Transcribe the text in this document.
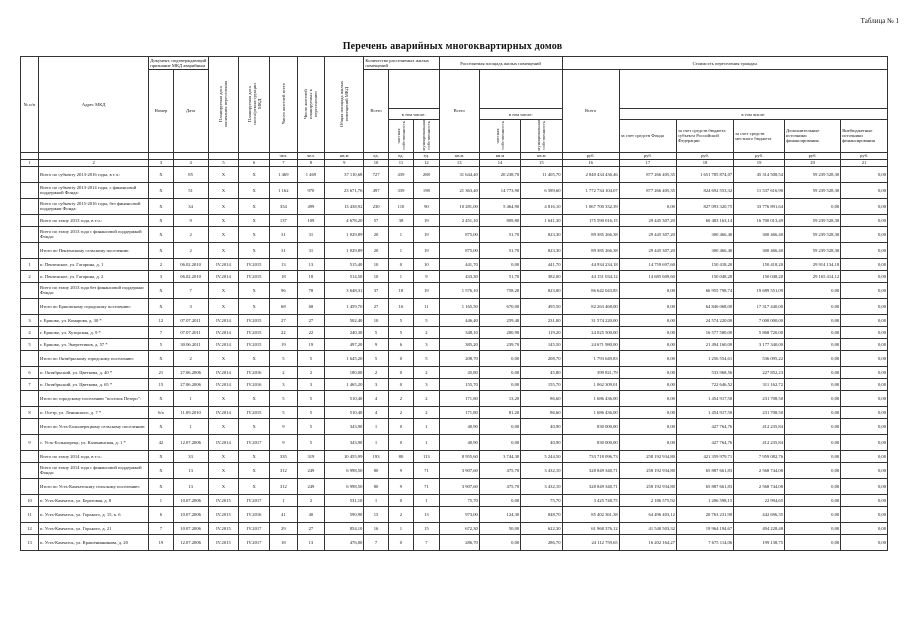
Таблица № 1
Перечень аварийных многоквартирных домов
№ п/п	Адрес МКД	Документ, подтверждающий признание МКД аварийным		Планируемая дата окончания переселения	Планируемая дата сноса/реконструкции МКД	Число жителей всего	Число жителей планируемых к переселению	Общая площадь жилых помещений МКД	Количество расселяемых жилых помещений			Расселяемая площадь жилых помещений			Стоимость переселения граждан					
		Номер	Дата						Всего			Всего			Всего					
										в том числе:			в том числе:			в том числе:				
										частная собственность	муниципальная собственность		частная собственность	муниципальная собственность		за счет средств Фонда	за счет средств бюджета субъекта Российской Федерации	за счет средств местного бюджета	Дополнительные источники финансирования	Внебюджетные источники финансирования
						чел.	чел.	кв.м	ед.	ед.	ед.	кв.м	кв.м	кв.м	руб.	руб.	руб.	руб.	руб.	руб.
1	2	3	4	5	6	7	8	9	10	11	12	13	14	15	16	17	18	19	20	21
	Всего по субъекту 2013-2016 годы, в т.ч.:	X	85	X	X	1 469	1 469	37 110,68	727	439	288	31 644,40	20 238,70	11 405,70	2 840 434 436,46	877 266 405,35	1 651 785 874,07	45 314 508,54	59 239 528,30	0,00
	Всего по субъекту 2013-2014 годы, с финансовой поддержкой Фонда:	X	51	X	X	1 162	970	23 671,76	497	339	198	21 363,40	14 773,90	6 589,60	1 772 734 104,07	877 266 405,35	824 692 553,32	11 537 616,90	59 239 528,30	0,00
	Всего по субъекту 2015-2016 годы, без финансовой поддержки Фонда:	X	34	X	X	354	499	13 438,92	230	110	90	10 281,00	5 464,90	4 816,10	1 067 700 332,39	0,00	827 093 320,75	33 776 891,64	0,00	0,00
	Всего по этапу 2013 года, в т.ч.:	X	9	X	X	137	109	4 678,20	57	38	19	2 451,10	809,80	1 641,30	175 590 016,15	29 445 307,20	60 483 163,14	16 700 013,49	59 239 528,30	0,00
	Всего по этапу 2013 года с финансовой поддержкой Фонда:	X	2	X	X	31	31	1 029,89	20	1	19	875,00	51,70	823,30	89 385 266,38	29 445 307,20	300 466,40	300 466,40	59 239 528,30	0,00
	Итого по Пензенскому сельскому поселению:	X	2	X	X	31	31	1 029,89	20	1	19	875,00	51,70	823,30	89 385 266,38	29 445 307,20	300 466,40	300 466,40	59 239 528,30	0,00
1	п. Пензенское, ул. Гагарина, д. 1	2	06.02.2010	IV.2014	IV.2015	13	13	515,40	10	0	10	441,70	0,00	441,70	44 934 234,18	14 759 697,60	150 418,20	150 418,20	29 914 134,18	0,00
2	п. Пензенское, ул. Гагарина, д. 2	3	06.02.2010	IV.2014	IV.2015	18	18	514,50	10	1	9	433,30	51,70	382,00	44 151 034,12	14 685 609,60	150 048,20	150 048,20	29 165 414,12	0,00
	Всего по этапу 2013 года без финансовой поддержки Фонда:	X	7	X	X	96	78	3 648,31	37	18	19	1 576,10	758,20	823,00	86 642 043,85	0,00	66 955 798,74	19 689 551,09	0,00	0,00
	Итого по Ершовскому городскому поселению:	X	3	X	X	68	68	1 459,70	27	16	11	1 165,50	670,00	495,50	82 263 468,00	0,00	64 846 068,00	17 317 440,00	0,00	0,00
3	г. Ершово, ул. Комарова, д. 30 *	12	07.07.2011	IV.2014	IV.2015	27	27	502,40	10	5	5	446,40	259,40	231,00	31 574 220,00	0,00	24 574 220,00	7 000 000,00	0,00	0,00
4	г. Ершово, ул. Хуторская, д. 9 *	7	07.07.2011	IV.2014	IV.2015	22	22	240,30	5	5	2	348,10	200,90	119,20	24 025 500,00	0,00	16 577 580,00	5 868 720,00	0,00	0,00
5	г. Ершово, ул. Энергетиков, д. 57 *	5	30.06.2011	IV.2014	IV.2015	19	19	497,20	9	6	3	385,20	239,70	145,50	24 671 980,00	0,00	21 494 160,00	3 177 340,00	0,00	0,00
	Итого по Октябрьскому городскому поселению:	X	2	X	X	5	5	1 645,20	5	0	5	208,70	0,00	208,70	1 793 649,83	0,00	1 256 554,61	536 095,22	0,00	0,00
6	п. Октябрьский, ул. Цветкова, д. 40 *	21	27.06.2006	IV.2014	IV.2016	2	2	180,00	2	0	2	45,80	0,00	45,80	399 821,79	0,00	533 968,56	227 852,23	0,00	0,00
7	п. Октябрьский, ул. Цветкова, д. 65 *	15	27.06.2006	IV.2014	IV.2016	3	3	1 465,20	3	0	3	155,70	0,00	155,70	1 062 309,01	0,00	722 646,52	311 162,72	0,00	0,00
	Итого по городскому поселению "поселок Пезеро":	X	1	X	X	5	5	510,40	4	2	2	171,80	13,20	86,60	1 686 436,00	0,00	1 454 917,50	231 708,50	0,00	0,00
8	п. Осетр, ул. Ленинского, д. 7 *	6/а	11.09.2010	IV.2014	IV.2015	5	5	510,40	4	2	2	171,80	81,20	86,60	1 686 436,00	0,00	1 454 917,50	231 708,50	0,00	0,00
	Итого по Усть-Большерецкому сельскому поселению:	X	1	X	X	9	5	343,90	1	0	1	40,90	0,00	40,90	830 000,00	0,00	427 764,76	412 235,84	0,00	0,00
9	с. Усть-Большерецк, ул. Калининская, д. 1 *	42	12.07.2006	IV.2014	IV.2017	9	5	343,90	1	0	1	40,90	0,00	40,90	830 000,00	0,00	427 764,76	412 235,84	0,00	0,00
	Всего по этапу 2014 года, в т.ч.:	X	33	X	X	335	319	10 455,99	193	80	113	8 955,60	3 744,30	5 244,50	733 718 096,73	258 192 934,80	421 359 979,71	7 959 082,76	0,00	0,00
	Всего по этапу 2014 года с финансовой поддержкой Фонда:	X	13	X	X	312	249	6 998,50	80	9	71	3 907,60	475,70	3 432,10	328 849 340,71	258 192 934,80	65 887 661,83	2 568 744,08	0,00	0,00
	Итого по Усть-Камчатскому сельскому поселению:	X	13	X	X	312	249	6 998,50	80	9	71	3 907,60	475,70	3 432,10	328 849 340,71	258 192 934,80	65 887 661,83	2 568 744,08	0,00	0,00
10	п. Усть-Камчатск, ул. Береговая, д. 8	1	10.07.2006	IV.2015	IV.2017	1	2	531,10	1	0	1	75,70	0,00	75,70	3 425 748,75	2 186 575,92	1 206 598,15	22 994,65	0,00	0,00
11	п. Усть-Камчатск, ул. Горького, д. 15, к. 6	6	10.07.2006	IV.2015	IV.2016	41	40	590,90	15	2	13	973,00	124,30	848,70	85 402 361,38	64 496 403,12	20 763 231,90	442 696,35	0,00	0,00
12	п. Усть-Камчатск, ул. Горького, д. 21	7	10.07.2006	IV.2015	IV.2017	29	27	854,10	16	1	15	672,30	50,00	622,30	61 968 376,12	41 540 503,32	19 964 194,67	494 228,48	0,00	0,00
13	п. Усть-Камчатск, ул. Крашенинникова, д. 20	19	12.07.2006	IV.2015	IV.2017	18	13	476,00	7	0	7	286,70	0,00	286,70	24 112 759,65	16 202 164,27	7 675 114,06	199 138,75	0,00	0,00
